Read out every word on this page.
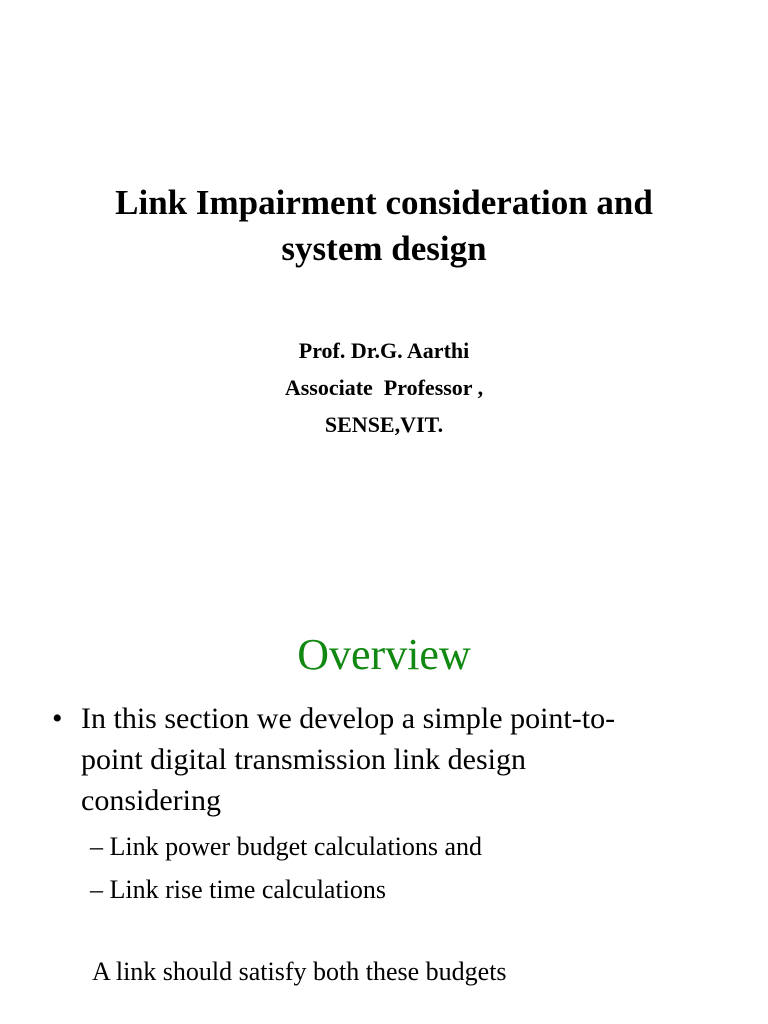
Link Impairment consideration and
system design
Prof. Dr.G. Aarthi
Associate  Professor ,
SENSE,VIT.
Overview
• In this section we develop a simple point-to-
point digital transmission link design
considering
– Link power budget calculations and
– Link rise time calculations
A link should satisfy both these budgets
